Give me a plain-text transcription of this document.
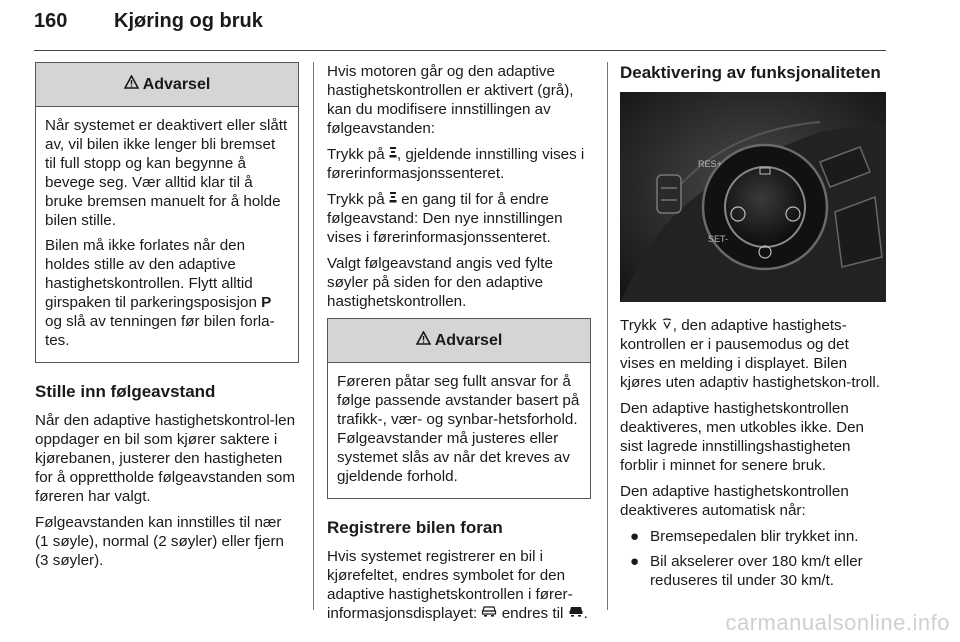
160 Kjøring og bruk
Advarsel

Når systemet er deaktivert eller slått av, vil bilen ikke lenger bli bremset til full stopp og kan begynne å bevege seg. Vær alltid klar til å bruke bremsen manuelt for å holde bilen stille.

Bilen må ikke forlates når den holdes stille av den adaptive hastighetskontrollen. Flytt alltid girspaken til parkeringsposisjon P og slå av tenningen før bilen forla-tes.

Stille inn følgeavstand

Når den adaptive hastighetskontrol-len oppdager en bil som kjører saktere i kjørebanen, justerer den hastigheten for å opprettholde følgeavstanden som føreren har valgt.

Følgeavstanden kan innstilles til nær (1 søyle), normal (2 søyler) eller fjern (3 søyler).

Hvis motoren går og den adaptive hastighetskontrollen er aktivert (grå), kan du modifisere innstillingen av følgeavstanden:

Trykk på , gjeldende innstilling vises i førerinformasjonssenteret.

Trykk på  en gang til for å endre følgeavstand: Den nye innstillingen vises i førerinformasjonssenteret.

Valgt følgeavstand angis ved fylte søyler på siden for den adaptive hastighetskontrollen.

Advarsel

Føreren påtar seg fullt ansvar for å følge passende avstander basert på trafikk-, vær- og synbar-hetsforhold. Følgeavstander må justeres eller systemet slås av når det kreves av gjeldende forhold.

Registrere bilen foran

Hvis systemet registrerer en bil i kjørefeltet, endres symbolet for den adaptive hastighetskontrollen i fører-informasjonsdisplayet:  endres til .

Deaktivering av funksjonaliteten
RES+
SET-

Trykk , den adaptive hastighets-kontrollen er i pausemodus og det vises en melding i displayet. Bilen kjøres uten adaptiv hastighetskon-troll.

Den adaptive hastighetskontrollen deaktiveres, men utkobles ikke. Den sist lagrede innstillingshastigheten forblir i minnet for senere bruk.

Den adaptive hastighetskontrollen deaktiveres automatisk når:

● Bremsepedalen blir trykket inn.
● Bil akselerer over 180 km/t eller reduseres til under 30 km/t.
carmanualsonline.info
